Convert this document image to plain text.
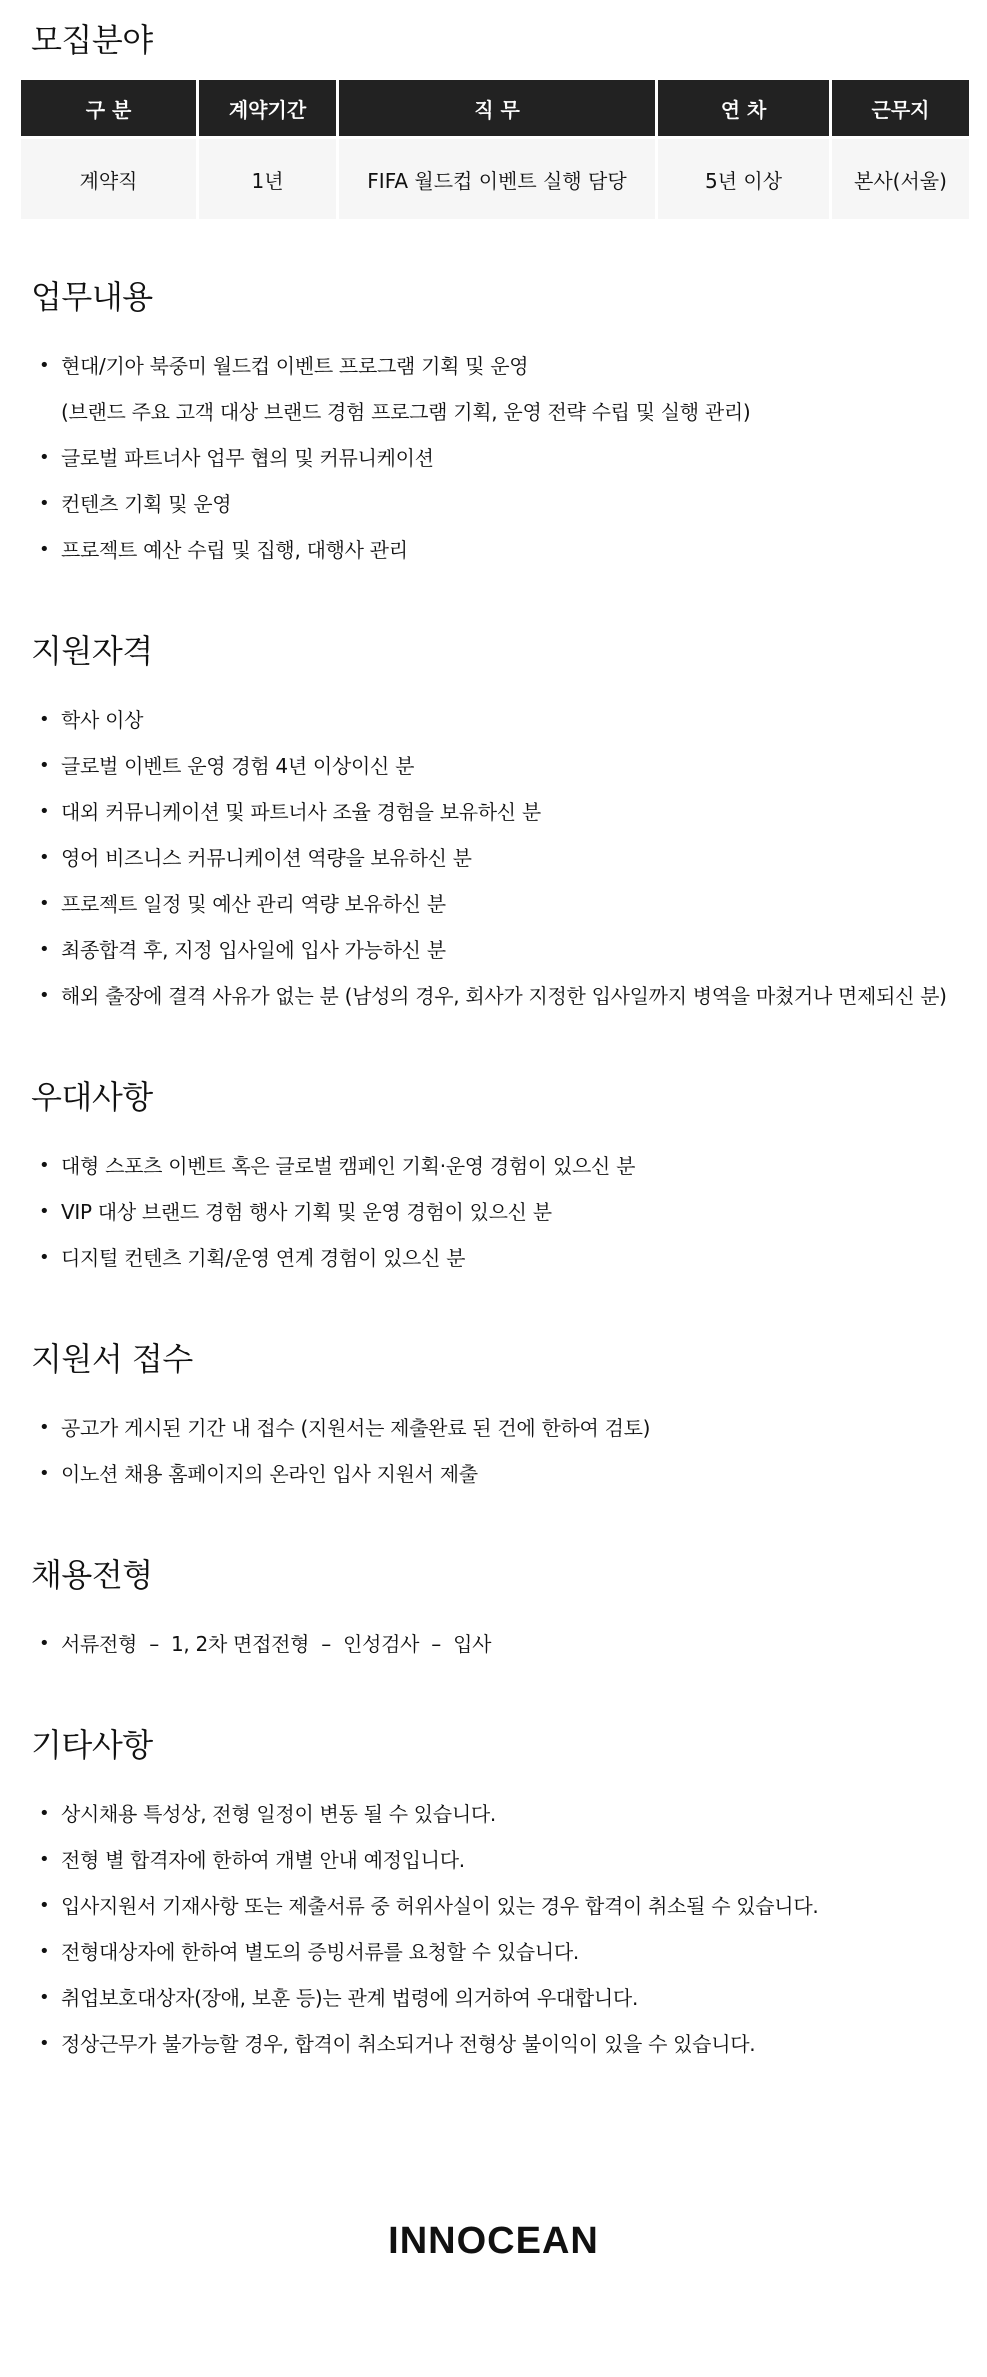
모집분야
구 분	계약기간	직 무	연 차	근무지
계약직	1년	FIFA 월드컵 이벤트 실행 담당	5년 이상	본사(서울)
업무내용
• 현대/기아 북중미 월드컵 이벤트 프로그램 기획 및 운영
(브랜드 주요 고객 대상 브랜드 경험 프로그램 기획, 운영 전략 수립 및 실행 관리)
• 글로벌 파트너사 업무 협의 및 커뮤니케이션
• 컨텐츠 기획 및 운영
• 프로젝트 예산 수립 및 집행, 대행사 관리
지원자격
• 학사 이상
• 글로벌 이벤트 운영 경험 4년 이상이신 분
• 대외 커뮤니케이션 및 파트너사 조율 경험을 보유하신 분
• 영어 비즈니스 커뮤니케이션 역량을 보유하신 분
• 프로젝트 일정 및 예산 관리 역량 보유하신 분
• 최종합격 후, 지정 입사일에 입사 가능하신 분
• 해외 출장에 결격 사유가 없는 분 (남성의 경우, 회사가 지정한 입사일까지 병역을 마쳤거나 면제되신 분)
우대사항
• 대형 스포츠 이벤트 혹은 글로벌 캠페인 기획·운영 경험이 있으신 분
• VIP 대상 브랜드 경험 행사 기획 및 운영 경험이 있으신 분
• 디지털 컨텐츠 기획/운영 연계 경험이 있으신 분
지원서 접수
• 공고가 게시된 기간 내 접수 (지원서는 제출완료 된 건에 한하여 검토)
• 이노션 채용 홈페이지의 온라인 입사 지원서 제출
채용전형
• 서류전형  –  1, 2차 면접전형  –  인성검사  –  입사
기타사항
• 상시채용 특성상, 전형 일정이 변동 될 수 있습니다.
• 전형 별 합격자에 한하여 개별 안내 예정입니다.
• 입사지원서 기재사항 또는 제출서류 중 허위사실이 있는 경우 합격이 취소될 수 있습니다.
• 전형대상자에 한하여 별도의 증빙서류를 요청할 수 있습니다.
• 취업보호대상자(장애, 보훈 등)는 관계 법령에 의거하여 우대합니다.
• 정상근무가 불가능할 경우, 합격이 취소되거나 전형상 불이익이 있을 수 있습니다.
INNOCEAN
